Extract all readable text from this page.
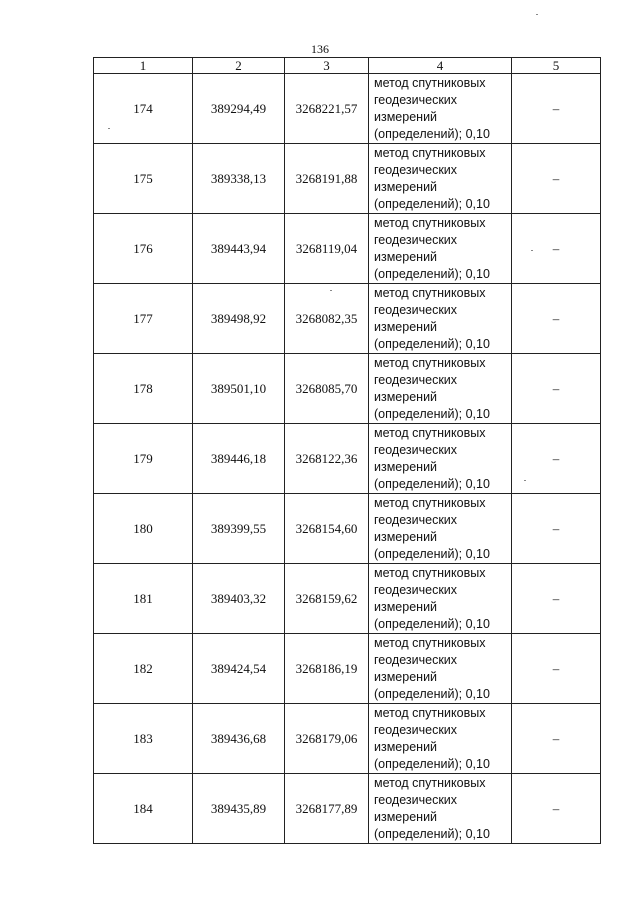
136
1	2	3	4	5
174	389294,49	3268221,57	метод спутниковых
геодезических
измерений
(определений); 0,10	–
175	389338,13	3268191,88	метод спутниковых
геодезических
измерений
(определений); 0,10	–
176	389443,94	3268119,04	метод спутниковых
геодезических
измерений
(определений); 0,10	–
177	389498,92	3268082,35	метод спутниковых
геодезических
измерений
(определений); 0,10	–
178	389501,10	3268085,70	метод спутниковых
геодезических
измерений
(определений); 0,10	–
179	389446,18	3268122,36	метод спутниковых
геодезических
измерений
(определений); 0,10	–
180	389399,55	3268154,60	метод спутниковых
геодезических
измерений
(определений); 0,10	–
181	389403,32	3268159,62	метод спутниковых
геодезических
измерений
(определений); 0,10	–
182	389424,54	3268186,19	метод спутниковых
геодезических
измерений
(определений); 0,10	–
183	389436,68	3268179,06	метод спутниковых
геодезических
измерений
(определений); 0,10	–
184	389435,89	3268177,89	метод спутниковых
геодезических
измерений
(определений); 0,10	–
